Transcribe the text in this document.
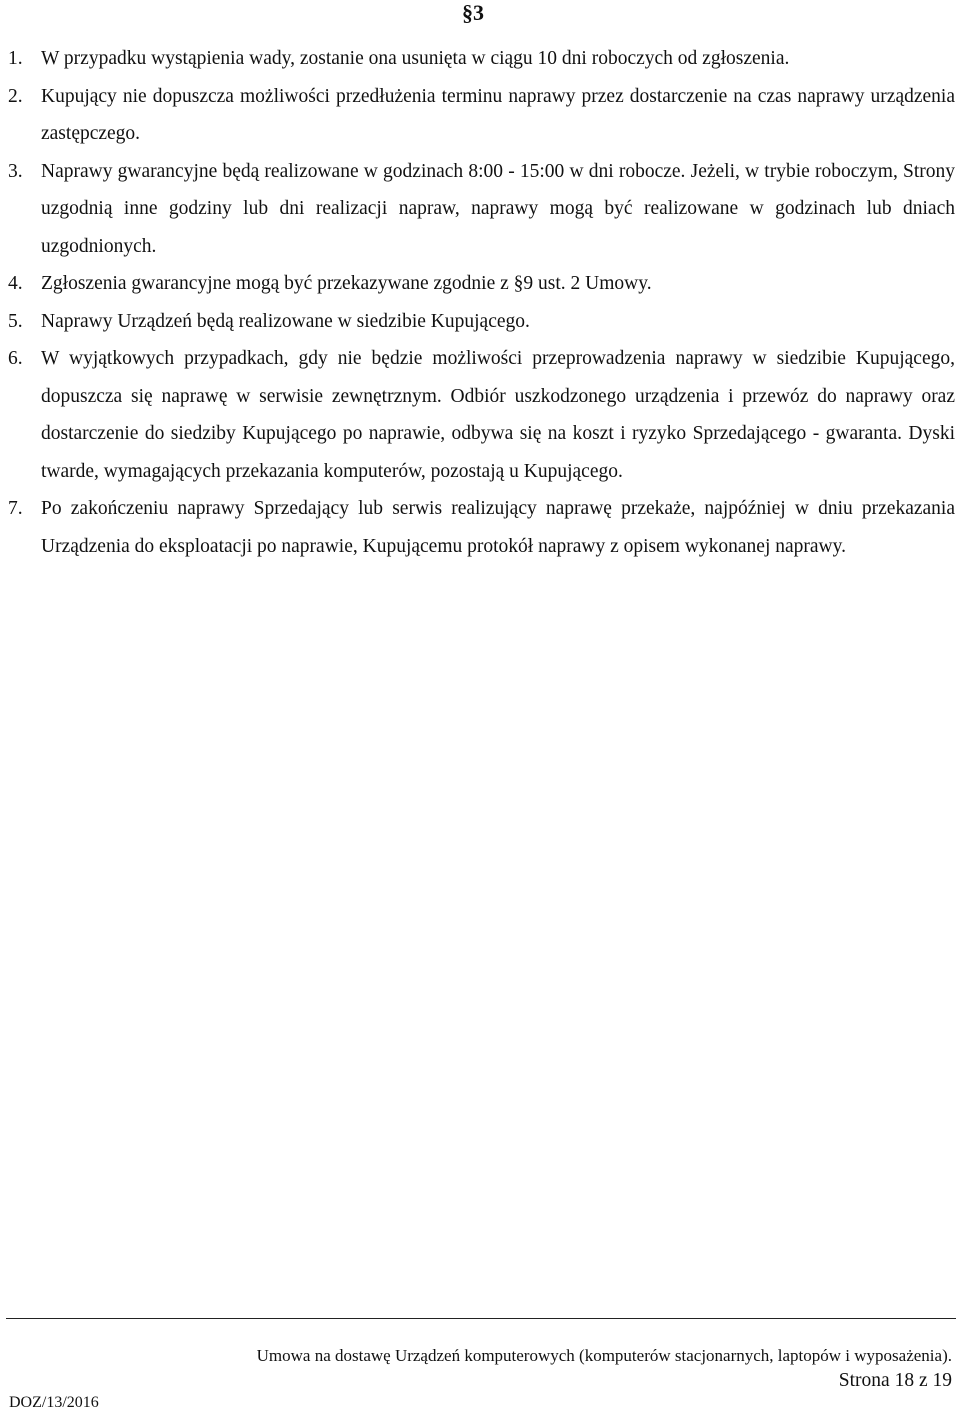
§3
1. W przypadku wystąpienia wady, zostanie ona usunięta w ciągu 10 dni roboczych od zgłoszenia.
2. Kupujący nie dopuszcza możliwości przedłużenia terminu naprawy przez dostarczenie na czas naprawy urządzenia zastępczego.
3. Naprawy gwarancyjne będą realizowane w godzinach 8:00 - 15:00 w dni robocze. Jeżeli, w trybie roboczym, Strony uzgodnią inne godziny lub dni realizacji napraw, naprawy mogą być realizowane w godzinach lub dniach uzgodnionych.
4. Zgłoszenia gwarancyjne mogą być przekazywane zgodnie z §9 ust. 2 Umowy.
5. Naprawy Urządzeń będą realizowane w siedzibie Kupującego.
6. W wyjątkowych przypadkach, gdy nie będzie możliwości przeprowadzenia naprawy w siedzibie Kupującego, dopuszcza się naprawę w serwisie zewnętrznym. Odbiór uszkodzonego urządzenia i przewóz do naprawy oraz dostarczenie do siedziby Kupującego po naprawie, odbywa się na koszt i ryzyko Sprzedającego - gwaranta. Dyski twarde, wymagających przekazania komputerów, pozostają u Kupującego.
7. Po zakończeniu naprawy Sprzedający lub serwis realizujący naprawę przekaże, najpóźniej w dniu przekazania Urządzenia do eksploatacji po naprawie, Kupującemu protokół naprawy z opisem wykonanej naprawy.
Umowa na dostawę Urządzeń komputerowych (komputerów stacjonarnych, laptopów i wyposażenia).
Strona 18 z 19
DOZ/13/2016
